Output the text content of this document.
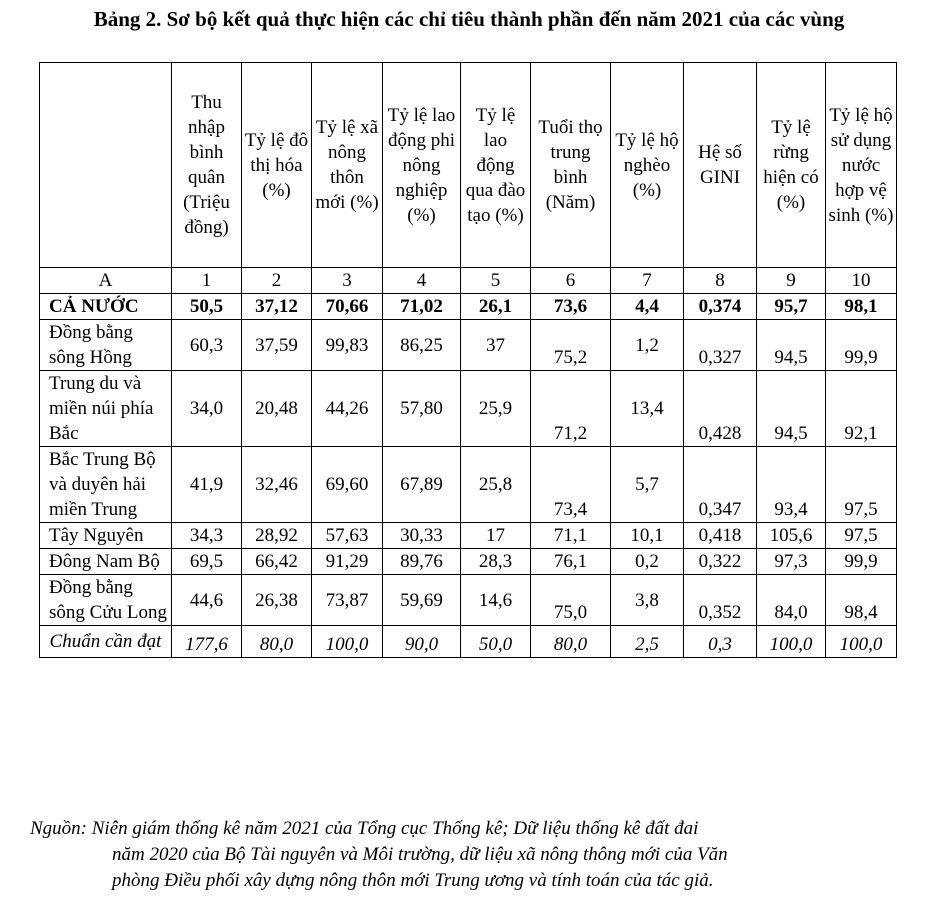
Bảng 2. Sơ bộ kết quả thực hiện các chỉ tiêu thành phần đến năm 2021 của các vùng
	Thu nhập bình quân (Triệu đồng)	Tỷ lệ đô thị hóa (%)	Tỷ lệ xã nông thôn mới (%)	Tỷ lệ lao động phi nông nghiệp (%)	Tỷ lệ lao động qua đào tạo (%)	Tuổi thọ trung bình (Năm)	Tỷ lệ hộ nghèo (%)	Hệ số GINI	Tỷ lệ rừng hiện có (%)	Tỷ lệ hộ sử dụng nước hợp vệ sinh (%)
A	1	2	3	4	5	6	7	8	9	10
CẢ NƯỚC	50,5	37,12	70,66	71,02	26,1	73,6	4,4	0,374	95,7	98,1
Đồng bằng sông Hồng	60,3	37,59	99,83	86,25	37	75,2	1,2	0,327	94,5	99,9
Trung du và miền núi phía Bắc	34,0	20,48	44,26	57,80	25,9	71,2	13,4	0,428	94,5	92,1
Bắc Trung Bộ và duyên hải miền Trung	41,9	32,46	69,60	67,89	25,8	73,4	5,7	0,347	93,4	97,5
Tây Nguyên	34,3	28,92	57,63	30,33	17	71,1	10,1	0,418	105,6	97,5
Đông Nam Bộ	69,5	66,42	91,29	89,76	28,3	76,1	0,2	0,322	97,3	99,9
Đồng bằng sông Cửu Long	44,6	26,38	73,87	59,69	14,6	75,0	3,8	0,352	84,0	98,4
Chuẩn cần đạt	177,6	80,0	100,0	90,0	50,0	80,0	2,5	0,3	100,0	100,0
Nguồn: Niên giám thống kê năm 2021 của Tổng cục Thống kê; Dữ liệu thống kê đất đai
năm 2020 của Bộ Tài nguyên và Môi trường, dữ liệu xã nông thông mới của Văn
phòng Điều phối xây dựng nông thôn mới Trung ương và tính toán của tác giả.
